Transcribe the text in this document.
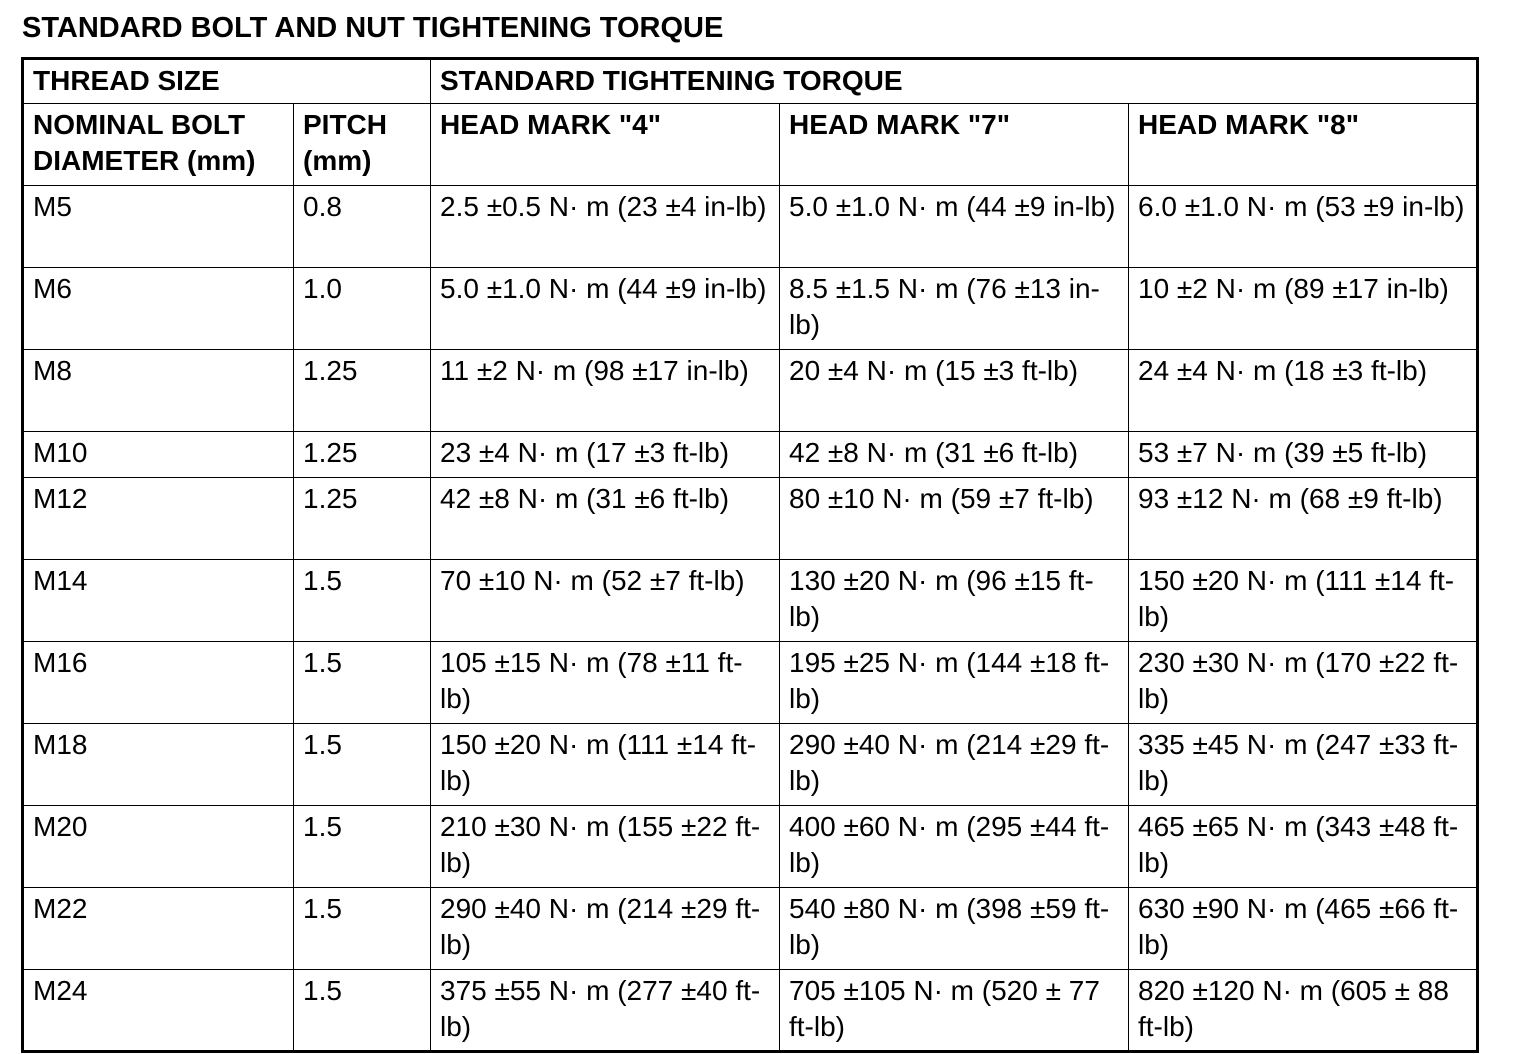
STANDARD BOLT AND NUT TIGHTENING TORQUE
THREAD SIZE		STANDARD TIGHTENING TORQUE		
NOMINAL BOLT DIAMETER (mm)	PITCH (mm)	HEAD MARK "4"	HEAD MARK "7"	HEAD MARK "8"
M5	0.8	2.5 ±0.5 N· m (23 ±4 in-lb)	5.0 ±1.0 N· m (44 ±9 in-lb)	6.0 ±1.0 N· m (53 ±9 in-lb)
M6	1.0	5.0 ±1.0 N· m (44 ±9 in-lb)	8.5 ±1.5 N· m (76 ±13 in-lb)	10 ±2 N· m (89 ±17 in-lb)
M8	1.25	11 ±2 N· m (98 ±17 in-lb)	20 ±4 N· m (15 ±3 ft-lb)	24 ±4 N· m (18 ±3 ft-lb)
M10	1.25	23 ±4 N· m (17 ±3 ft-lb)	42 ±8 N· m (31 ±6 ft-lb)	53 ±7 N· m (39 ±5 ft-lb)
M12	1.25	42 ±8 N· m (31 ±6 ft-lb)	80 ±10 N· m (59 ±7 ft-lb)	93 ±12 N· m (68 ±9 ft-lb)
M14	1.5	70 ±10 N· m (52 ±7 ft-lb)	130 ±20 N· m (96 ±15 ft-lb)	150 ±20 N· m (111 ±14 ft-lb)
M16	1.5	105 ±15 N· m (78 ±11 ft-lb)	195 ±25 N· m (144 ±18 ft-lb)	230 ±30 N· m (170 ±22 ft-lb)
M18	1.5	150 ±20 N· m (111 ±14 ft-lb)	290 ±40 N· m (214 ±29 ft-lb)	335 ±45 N· m (247 ±33 ft-lb)
M20	1.5	210 ±30 N· m (155 ±22 ft-lb)	400 ±60 N· m (295 ±44 ft-lb)	465 ±65 N· m (343 ±48 ft-lb)
M22	1.5	290 ±40 N· m (214 ±29 ft-lb)	540 ±80 N· m (398 ±59 ft-lb)	630 ±90 N· m (465 ±66 ft-lb)
M24	1.5	375 ±55 N· m (277 ±40 ft-lb)	705 ±105 N· m (520 ± 77 ft-lb)	820 ±120 N· m (605 ± 88 ft-lb)
